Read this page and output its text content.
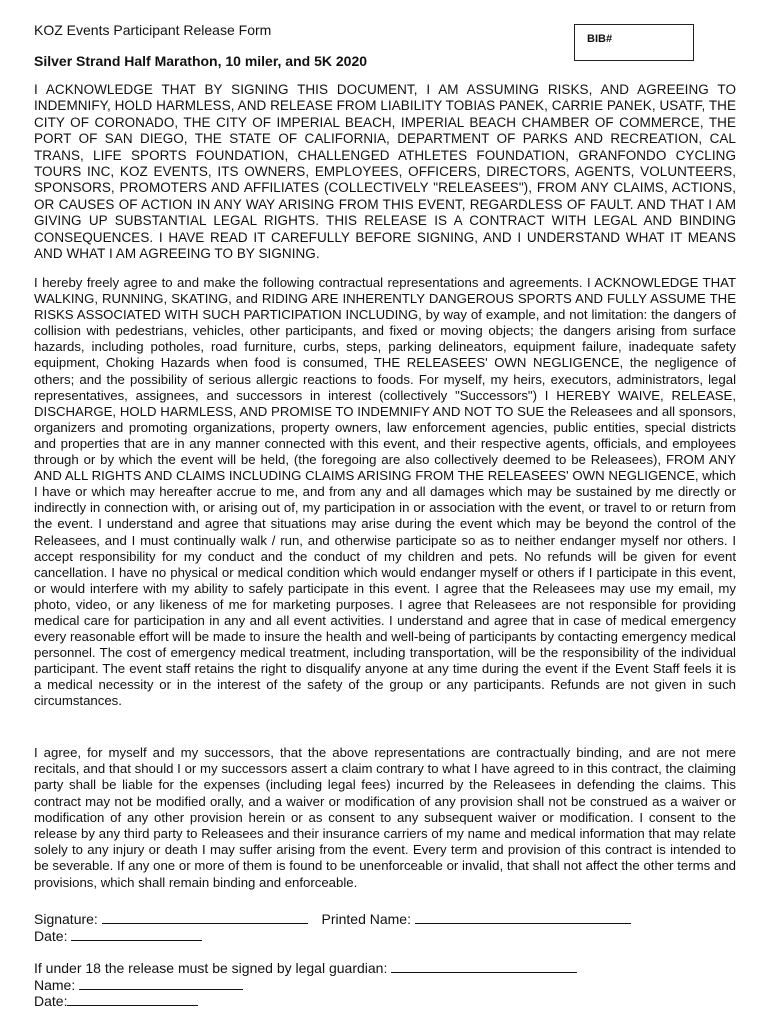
KOZ Events Participant Release Form
BIB#
Silver Strand Half Marathon, 10 miler, and 5K 2020

I ACKNOWLEDGE THAT BY SIGNING THIS DOCUMENT, I AM ASSUMING RISKS, AND AGREEING TO INDEMNIFY, HOLD HARMLESS, AND RELEASE FROM LIABILITY TOBIAS PANEK, CARRIE PANEK, USATF, THE CITY OF CORONADO, THE CITY OF IMPERIAL BEACH, IMPERIAL BEACH CHAMBER OF COMMERCE, THE PORT OF SAN DIEGO, THE STATE OF CALIFORNIA, DEPARTMENT OF PARKS AND RECREATION, CAL TRANS, LIFE SPORTS FOUNDATION, CHALLENGED ATHLETES FOUNDATION, GRANFONDO CYCLING TOURS INC, KOZ EVENTS, ITS OWNERS, EMPLOYEES, OFFICERS, DIRECTORS, AGENTS, VOLUNTEERS, SPONSORS, PROMOTERS AND AFFILIATES (COLLECTIVELY "RELEASEES"), FROM ANY CLAIMS, ACTIONS, OR CAUSES OF ACTION IN ANY WAY ARISING FROM THIS EVENT, REGARDLESS OF FAULT. AND THAT I AM GIVING UP SUBSTANTIAL LEGAL RIGHTS. THIS RELEASE IS A CONTRACT WITH LEGAL AND BINDING CONSEQUENCES. I HAVE READ IT CAREFULLY BEFORE SIGNING, AND I UNDERSTAND WHAT IT MEANS AND WHAT I AM AGREEING TO BY SIGNING.

I hereby freely agree to and make the following contractual representations and agreements. I ACKNOWLEDGE THAT WALKING, RUNNING, SKATING, and RIDING ARE INHERENTLY DANGEROUS SPORTS AND FULLY ASSUME THE RISKS ASSOCIATED WITH SUCH PARTICIPATION INCLUDING, by way of example, and not limitation: the dangers of collision with pedestrians, vehicles, other participants, and fixed or moving objects; the dangers arising from surface hazards, including potholes, road furniture, curbs, steps, parking delineators, equipment failure, inadequate safety equipment, Choking Hazards when food is consumed, THE RELEASEES' OWN NEGLIGENCE, the negligence of others; and the possibility of serious allergic reactions to foods. For myself, my heirs, executors, administrators, legal representatives, assignees, and successors in interest (collectively "Successors") I HEREBY WAIVE, RELEASE, DISCHARGE, HOLD HARMLESS, AND PROMISE TO INDEMNIFY AND NOT TO SUE the Releasees and all sponsors, organizers and promoting organizations, property owners, law enforcement agencies, public entities, special districts and properties that are in any manner connected with this event, and their respective agents, officials, and employees through or by which the event will be held, (the foregoing are also collectively deemed to be Releasees), FROM ANY AND ALL RIGHTS AND CLAIMS INCLUDING CLAIMS ARISING FROM THE RELEASEES' OWN NEGLIGENCE, which I have or which may hereafter accrue to me, and from any and all damages which may be sustained by me directly or indirectly in connection with, or arising out of, my participation in or association with the event, or travel to or return from the event. I understand and agree that situations may arise during the event which may be beyond the control of the Releasees, and I must continually walk / run, and otherwise participate so as to neither endanger myself nor others. I accept responsibility for my conduct and the conduct of my children and pets. No refunds will be given for event cancellation. I have no physical or medical condition which would endanger myself or others if I participate in this event, or would interfere with my ability to safely participate in this event. I agree that the Releasees may use my email, my photo, video, or any likeness of me for marketing purposes. I agree that Releasees are not responsible for providing medical care for participation in any and all event activities. I understand and agree that in case of medical emergency every reasonable effort will be made to insure the health and well-being of participants by contacting emergency medical personnel. The cost of emergency medical treatment, including transportation, will be the responsibility of the individual participant. The event staff retains the right to disqualify anyone at any time during the event if the Event Staff feels it is a medical necessity or in the interest of the safety of the group or any participants. Refunds are not given in such circumstances.

I agree, for myself and my successors, that the above representations are contractually binding, and are not mere recitals, and that should I or my successors assert a claim contrary to what I have agreed to in this contract, the claiming party shall be liable for the expenses (including legal fees) incurred by the Releasees in defending the claims. This contract may not be modified orally, and a waiver or modification of any provision shall not be construed as a waiver or modification of any other provision herein or as consent to any subsequent waiver or modification. I consent to the release by any third party to Releasees and their insurance carriers of my name and medical information that may relate solely to any injury or death I may suffer arising from the event. Every term and provision of this contract is intended to be severable. If any one or more of them is found to be unenforceable or invalid, that shall not affect the other terms and provisions, which shall remain binding and enforceable.

Signature:	Printed Name:
Date:
If under 18 the release must be signed by legal guardian:
Name:
Date:
